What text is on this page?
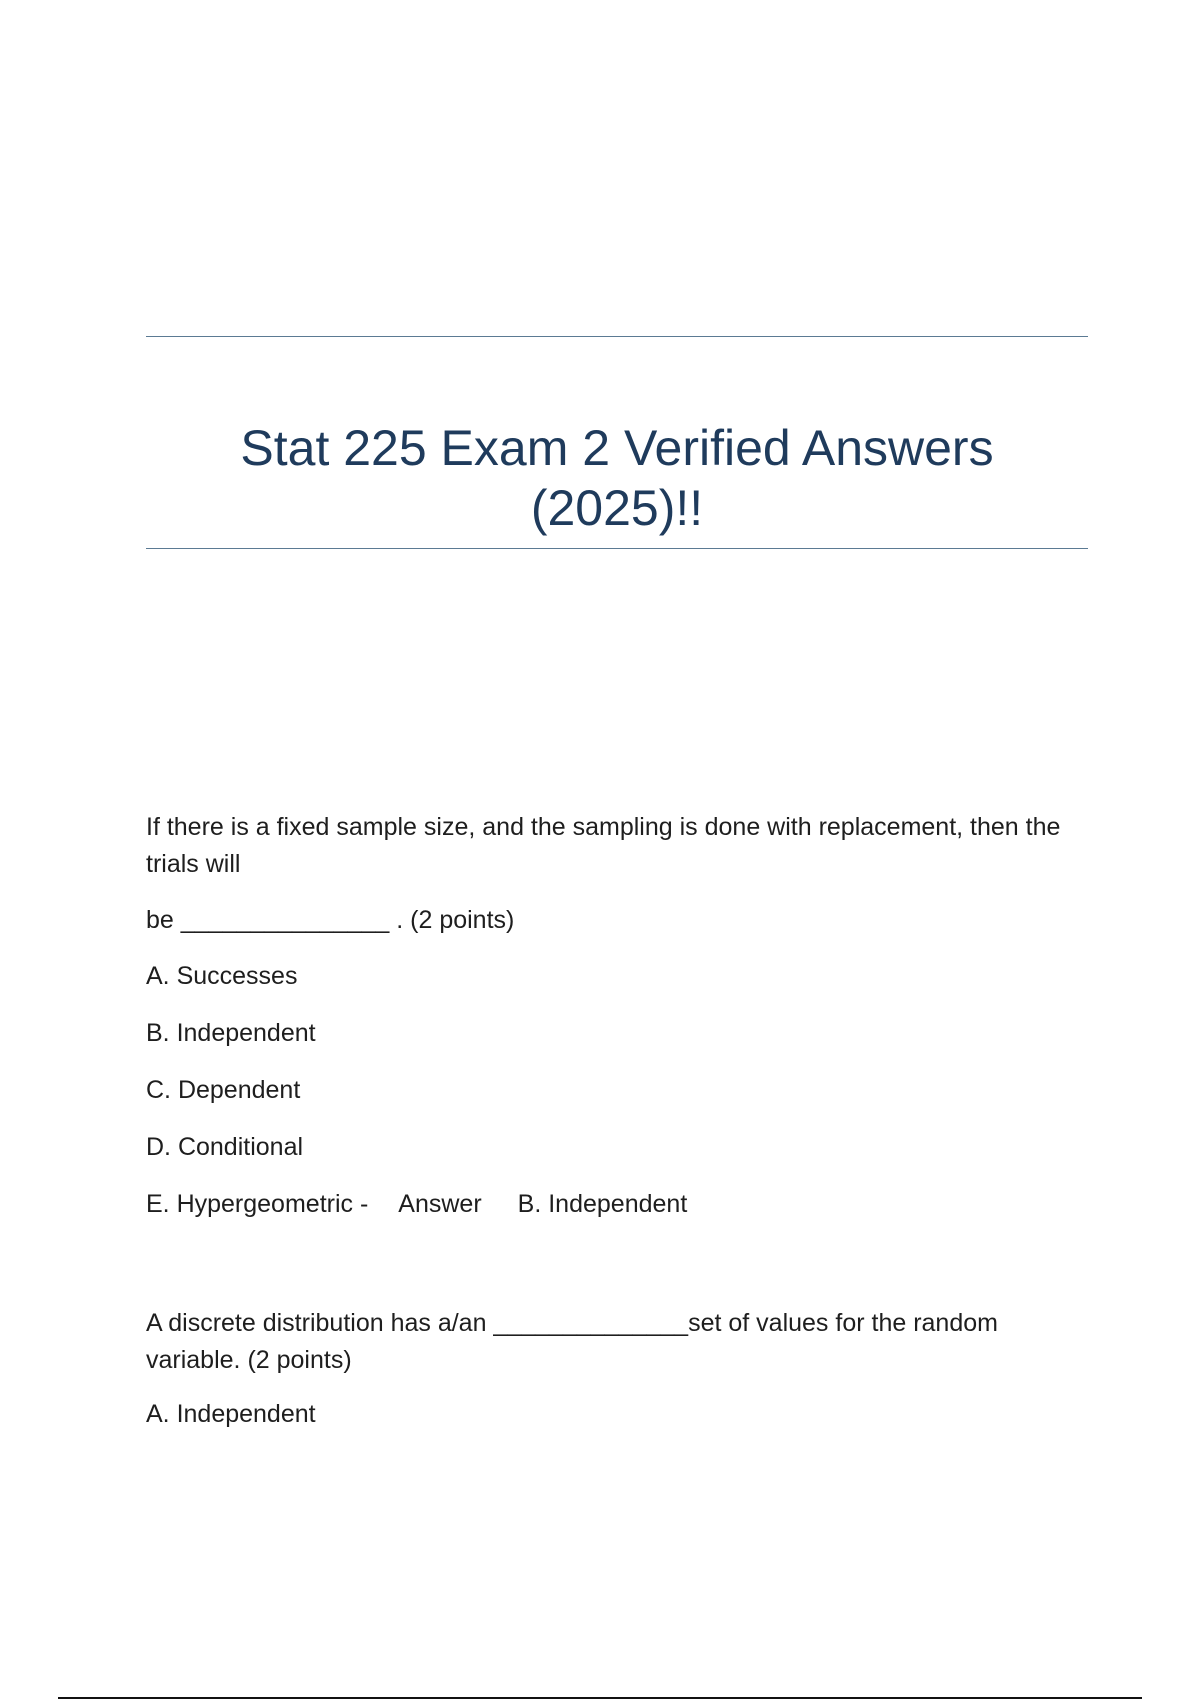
Stat 225 Exam 2 Verified Answers
(2025)!!

If there is a fixed sample size, and the sampling is done with replacement, then the trials will

be _______________ . (2 points)

A. Successes

B. Independent

C. Dependent

D. Conditional

E. Hypergeometric - Answer B. Independent

A discrete distribution has a/an ______________set of values for the random variable. (2 points)

A. Independent
